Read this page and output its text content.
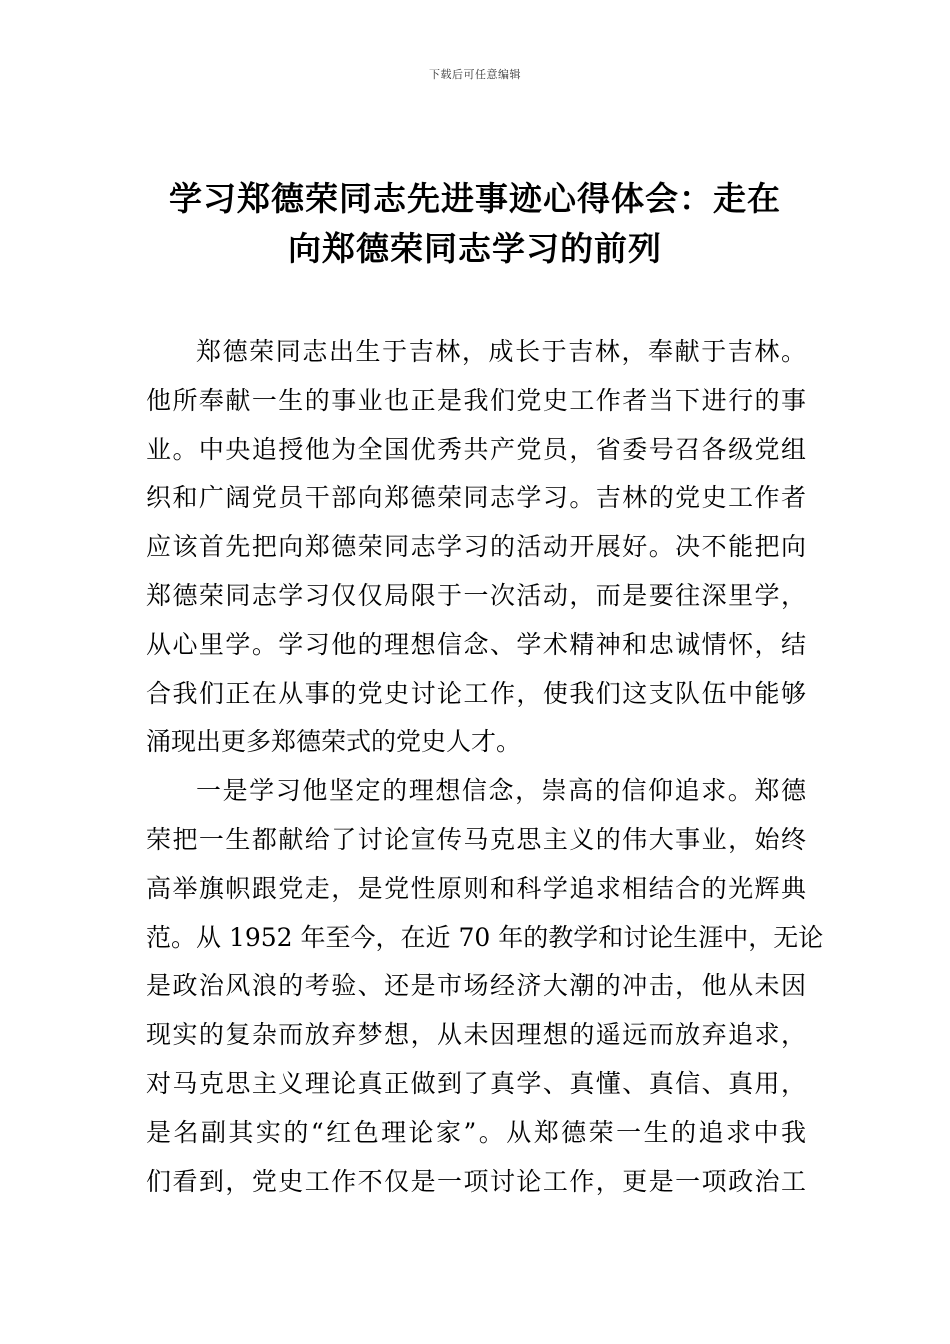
下载后可任意编辑
学习郑德荣同志先进事迹心得体会：走在
向郑德荣同志学习的前列
郑德荣同志出生于吉林，成长于吉林，奉献于吉林。
他所奉献一生的事业也正是我们党史工作者当下进行的事
业。中央追授他为全国优秀共产党员，省委号召各级党组
织和广阔党员干部向郑德荣同志学习。吉林的党史工作者
应该首先把向郑德荣同志学习的活动开展好。决不能把向
郑德荣同志学习仅仅局限于一次活动，而是要往深里学，
从心里学。学习他的理想信念、学术精神和忠诚情怀，结
合我们正在从事的党史讨论工作，使我们这支队伍中能够
涌现出更多郑德荣式的党史人才。
一是学习他坚定的理想信念，崇高的信仰追求。郑德
荣把一生都献给了讨论宣传马克思主义的伟大事业，始终
高举旗帜跟党走，是党性原则和科学追求相结合的光辉典
范。从 1952 年至今，在近 70 年的教学和讨论生涯中，无论
是政治风浪的考验、还是市场经济大潮的冲击，他从未因
现实的复杂而放弃梦想，从未因理想的遥远而放弃追求，
对马克思主义理论真正做到了真学、真懂、真信、真用，
是名副其实的“红色理论家”。从郑德荣一生的追求中我
们看到，党史工作不仅是一项讨论工作，更是一项政治工
